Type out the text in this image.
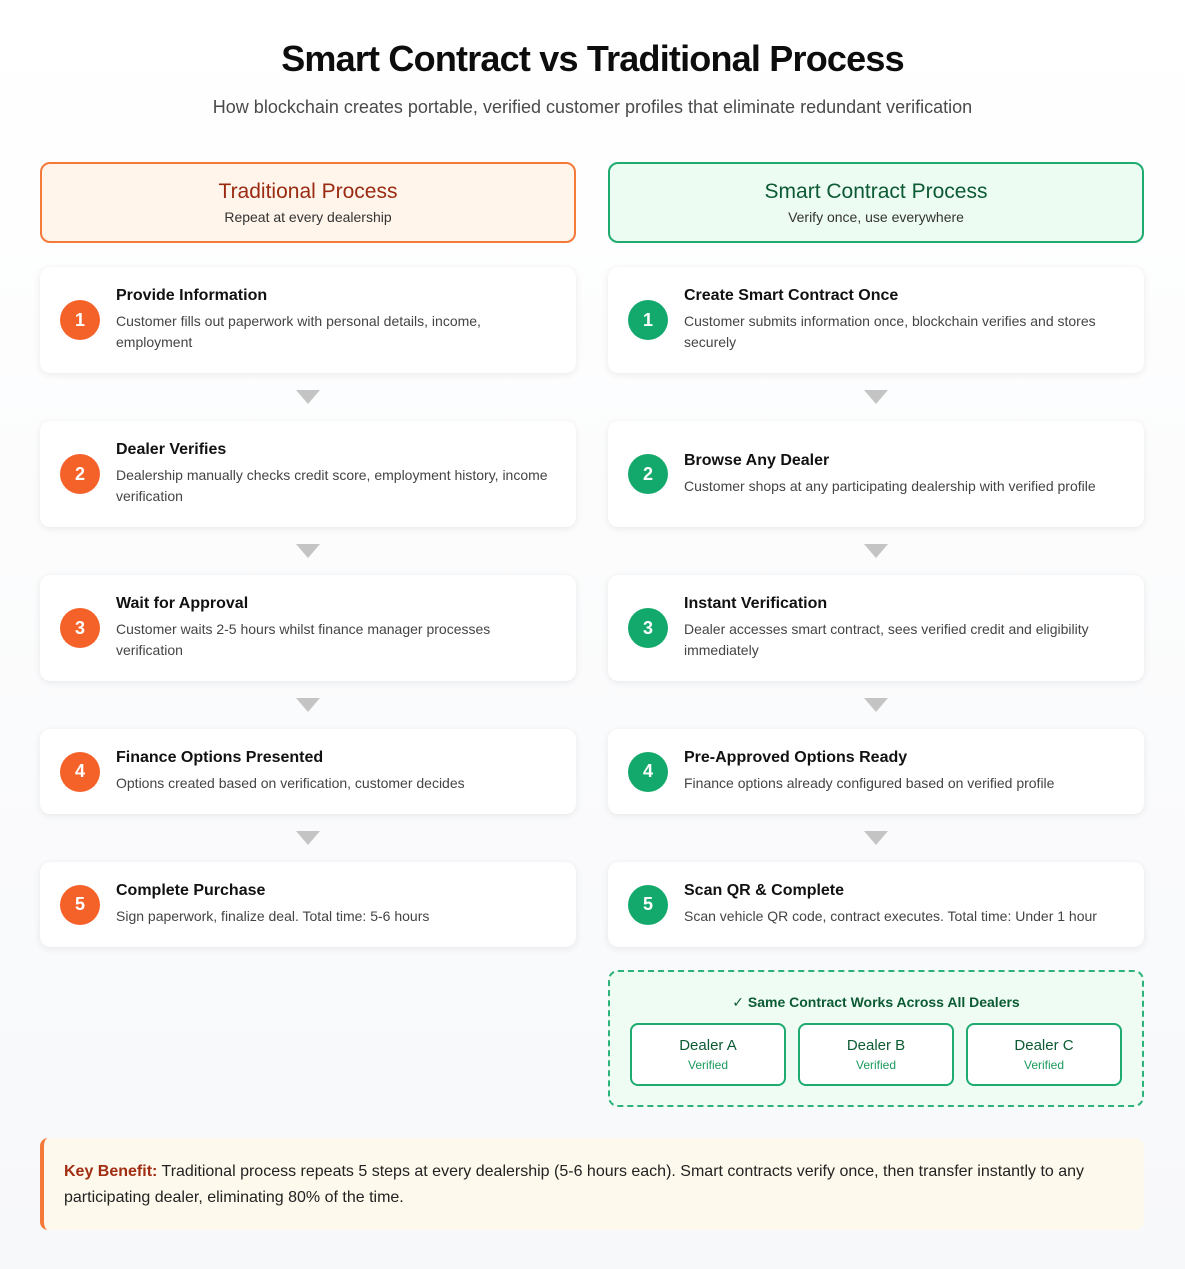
Smart Contract vs Traditional Process
How blockchain creates portable, verified customer profiles that eliminate redundant verification
Traditional Process
Repeat at every dealership
1
Provide Information
Customer fills out paperwork with personal details, income, employment
2
Dealer Verifies
Dealership manually checks credit score, employment history, income verification
3
Wait for Approval
Customer waits 2-5 hours whilst finance manager processes verification
4
Finance Options Presented
Options created based on verification, customer decides
5
Complete Purchase
Sign paperwork, finalize deal. Total time: 5-6 hours
Smart Contract Process
Verify once, use everywhere
1
Create Smart Contract Once
Customer submits information once, blockchain verifies and stores securely
2
Browse Any Dealer
Customer shops at any participating dealership with verified profile
3
Instant Verification
Dealer accesses smart contract, sees verified credit and eligibility immediately
4
Pre-Approved Options Ready
Finance options already configured based on verified profile
5
Scan QR & Complete
Scan vehicle QR code, contract executes. Total time: Under 1 hour
✓ Same Contract Works Across All Dealers
Dealer A
Verified
Dealer B
Verified
Dealer C
Verified
Key Benefit: Traditional process repeats 5 steps at every dealership (5-6 hours each). Smart contracts verify once, then transfer instantly to any participating dealer, eliminating 80% of the time.
